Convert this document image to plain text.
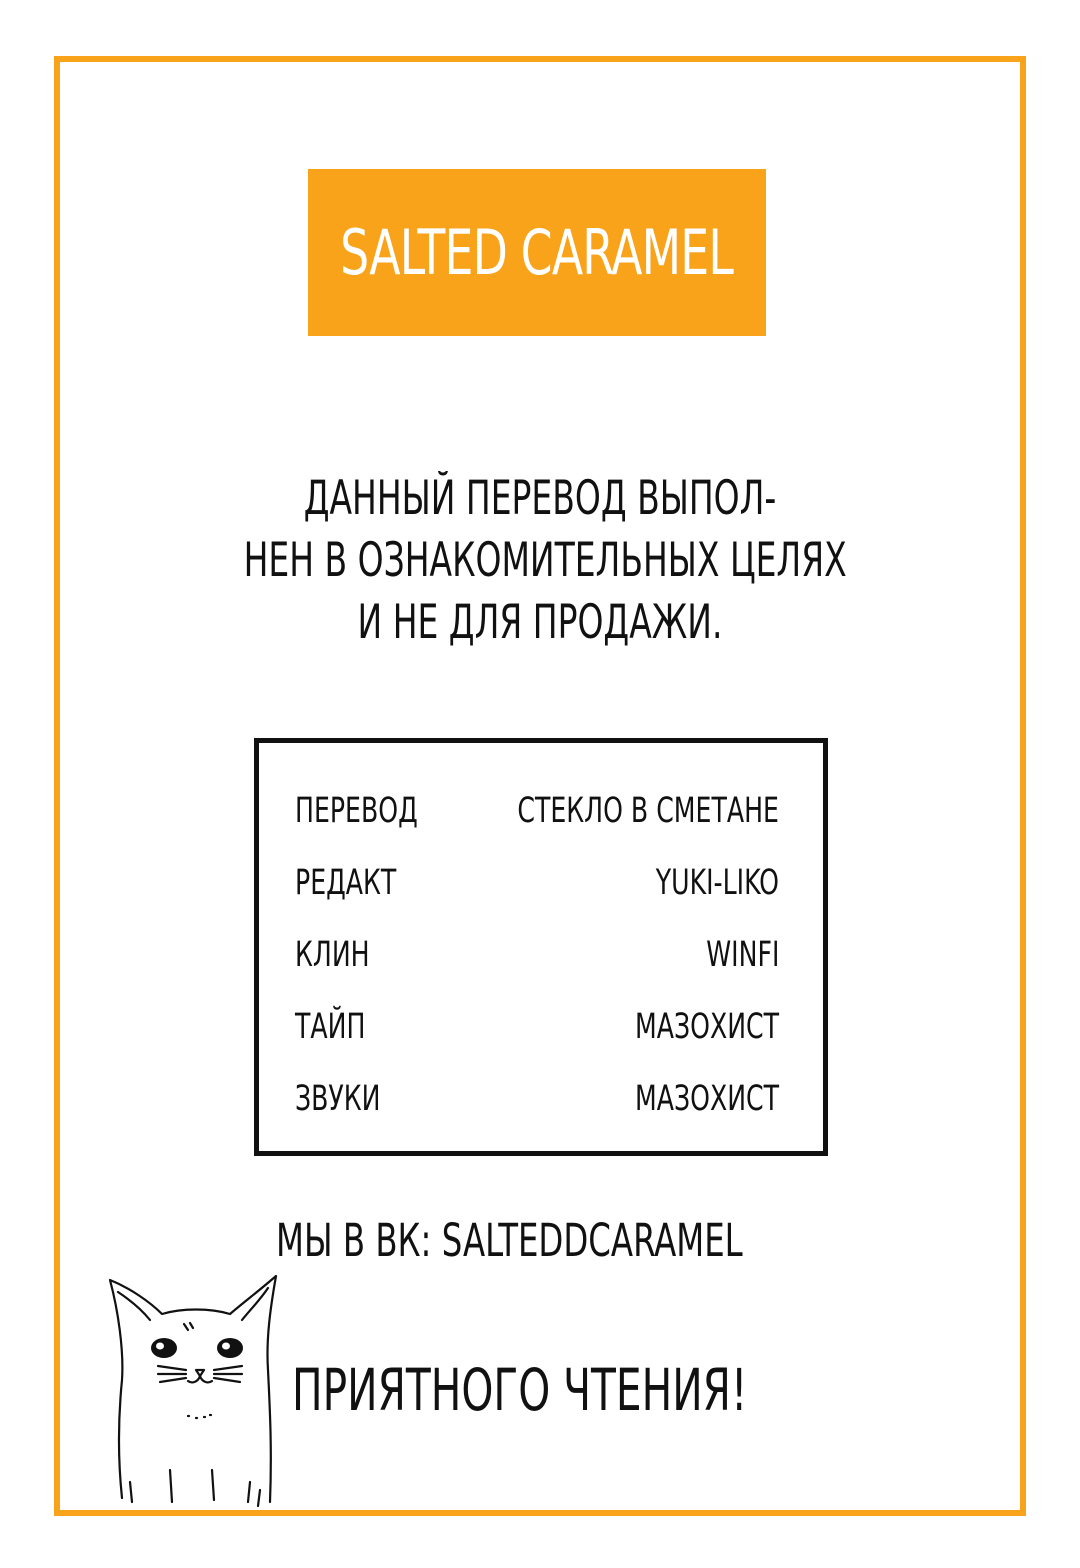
SALTED CARAMEL
ДАННЫЙ ПЕРЕВОД ВЫПОЛ-
НЕН В ОЗНАКОМИТЕЛЬНЫХ ЦЕЛЯХ
И НЕ ДЛЯ ПРОДАЖИ.
ПЕРЕВОД	СТЕКЛО В СМЕТАНЕ
РЕДАКТ	YUKI-LIKO
КЛИН	WINFI
ТАЙП	МАЗОХИСТ
ЗВУКИ	МАЗОХИСТ
МЫ В ВК: SALTEDDCARAMEL
ПРИЯТНОГО ЧТЕНИЯ!
